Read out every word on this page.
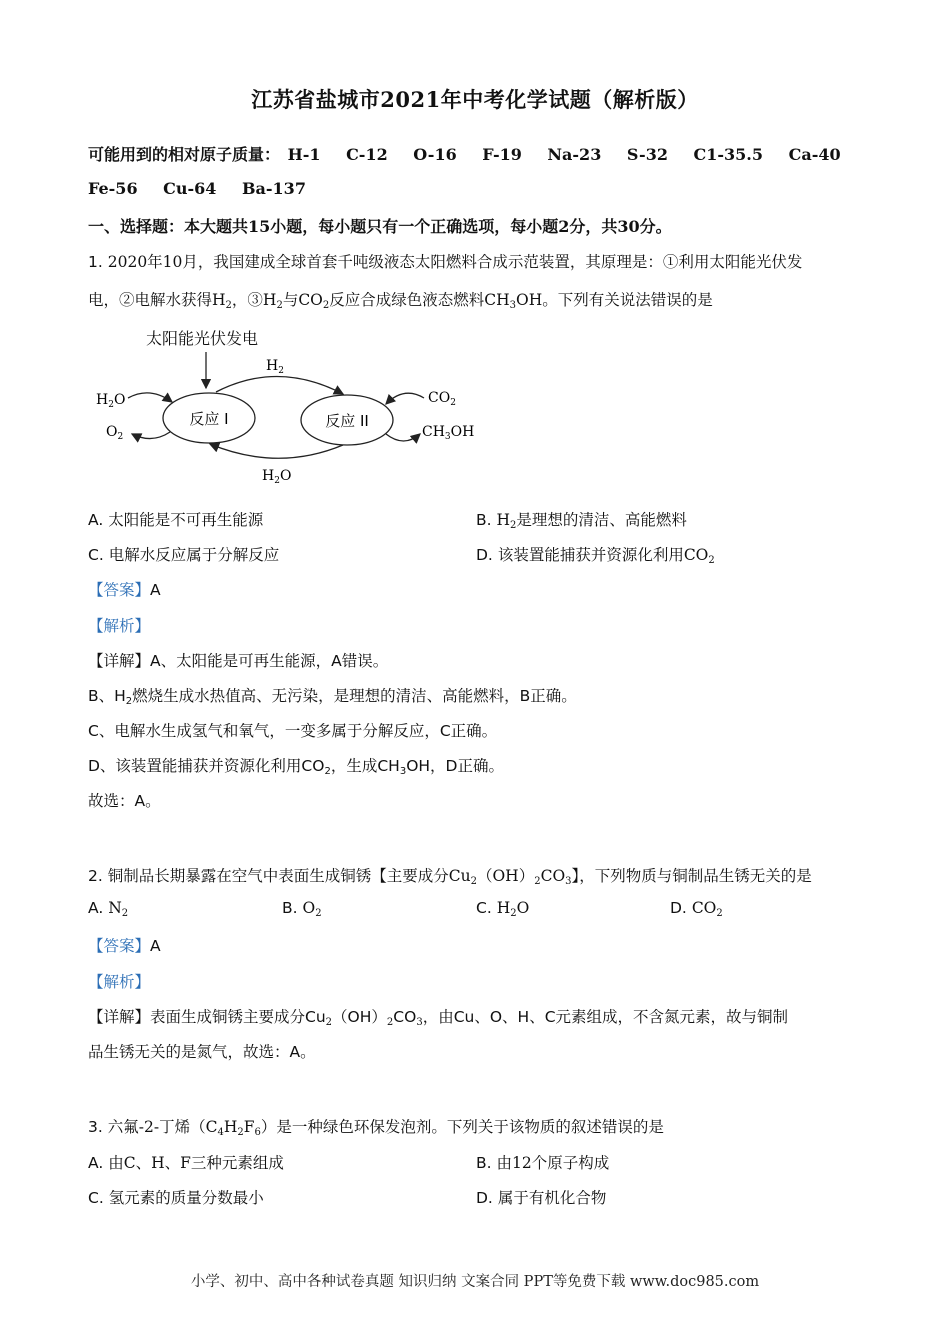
江苏省盐城市2021年中考化学试题（解析版）
可能用到的相对原子质量： H-1 C-12 O-16 F-19 Na-23 S-32 C1-35.5 Ca-40
Fe-56 Cu-64 Ba-137
一、选择题：本大题共15小题，每小题只有一个正确选项，每小题2分，共30分。
1. 2020年10月，我国建成全球首套千吨级液态太阳燃料合成示范装置，其原理是：①利用太阳能光伏发
电，②电解水获得$H_2$，$③H_2$与$CO_2$反应合成绿色液态燃料$CH_3OH$。下列有关说法错误的是
太阳能光伏发电
反应 I	反应 II
$H_2$
$H_2O$
$H_2O$
$O_2$
$CO_2$
$CH_3OH$
A. 太阳能是不可再生能源	B. $H_2$是理想的清洁、高能燃料
C. 电解水反应属于分解反应	D. 该装置能捕获并资源化利用$CO_2$
【答案】A
【解析】
【详解】A、太阳能是可再生能源，A错误。
B、$H_2$燃烧生成水热值高、无污染，是理想的清洁、高能燃料，B正确。
C、电解水生成氢气和氧气，一变多属于分解反应，C正确。
D、该装置能捕获并资源化利用$CO_2$，生成$CH_3OH$，D正确。
故选：A。
2. 铜制品长期暴露在空气中表面生成铜锈【主要成分$Cu_2(OH)_2CO_3$】，下列物质与铜制品生锈无关的是
A. $N_2$	B. $O_2$	C. $H_2O$	D. $CO_2$
【答案】A
【解析】
【详解】表面生成铜锈主要成分$Cu_2(OH)_2CO_3$，由Cu、O、H、C元素组成，不含氮元素，故与铜制
品生锈无关的是氮气，故选：A。
3. 六氟-2-丁烯$(C_4H_2F_6)$是一种绿色环保发泡剂。下列关于该物质的叙述错误的是
A. 由C、H、F三种元素组成	B. 由12个原子构成
C. 氢元素的质量分数最小	D. 属于有机化合物
小学、初中、高中各种试卷真题 知识归纳 文案合同 PPT等免费下载 www.doc985.com
